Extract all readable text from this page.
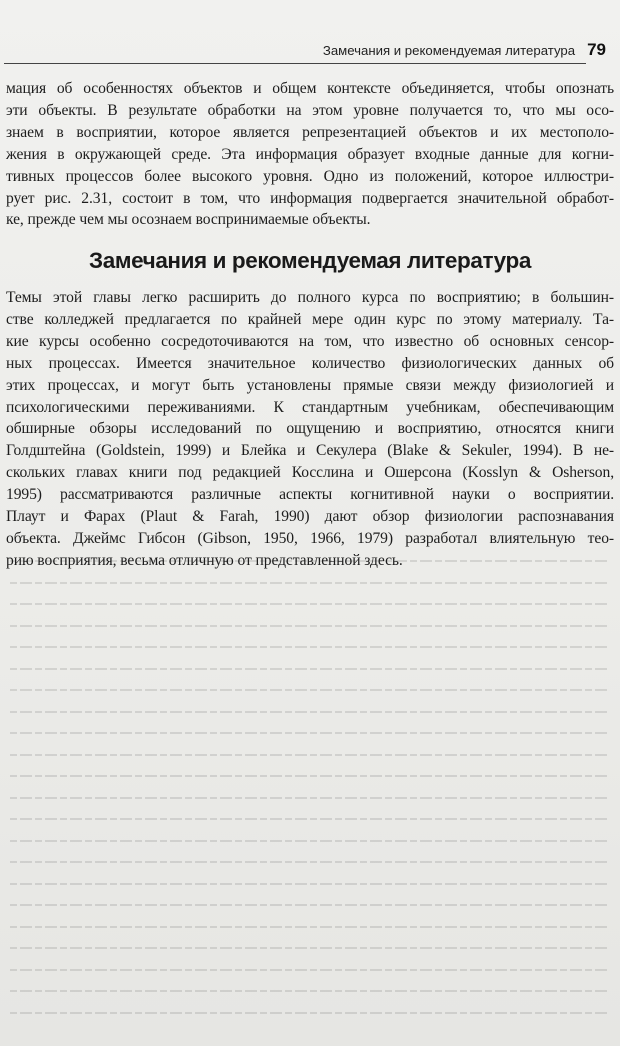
Замечания и рекомендуемая литература 79

мация об особенностях объектов и общем контексте объединяется, чтобы опознать
эти объекты. В результате обработки на этом уровне получается то, что мы осо-
знаем в восприятии, которое является репрезентацией объектов и их местополо-
жения в окружающей среде. Эта информация образует входные данные для когни-
тивных процессов более высокого уровня. Одно из положений, которое иллюстри-
рует рис. 2.31, состоит в том, что информация подвергается значительной обработ-
ке, прежде чем мы осознаем воспринимаемые объекты.

Замечания и рекомендуемая литература

Темы этой главы легко расширить до полного курса по восприятию; в большин-
стве колледжей предлагается по крайней мере один курс по этому материалу. Та-
кие курсы особенно сосредоточиваются на том, что известно об основных сенсор-
ных процессах. Имеется значительное количество физиологических данных об
этих процессах, и могут быть установлены прямые связи между физиологией и
психологическими переживаниями. К стандартным учебникам, обеспечивающим
обширные обзоры исследований по ощущению и восприятию, относятся книги
Голдштейна (Goldstein, 1999) и Блейка и Секулера (Blake & Sekuler, 1994). В не-
скольких главах книги под редакцией Косслина и Ошерсона (Kosslyn & Osherson,
1995) рассматриваются различные аспекты когнитивной науки о восприятии.
Плаут и Фарах (Plaut & Farah, 1990) дают обзор физиологии распознавания
объекта. Джеймс Гибсон (Gibson, 1950, 1966, 1979) разработал влиятельную тео-
рию восприятия, весьма отличную от представленной здесь.
